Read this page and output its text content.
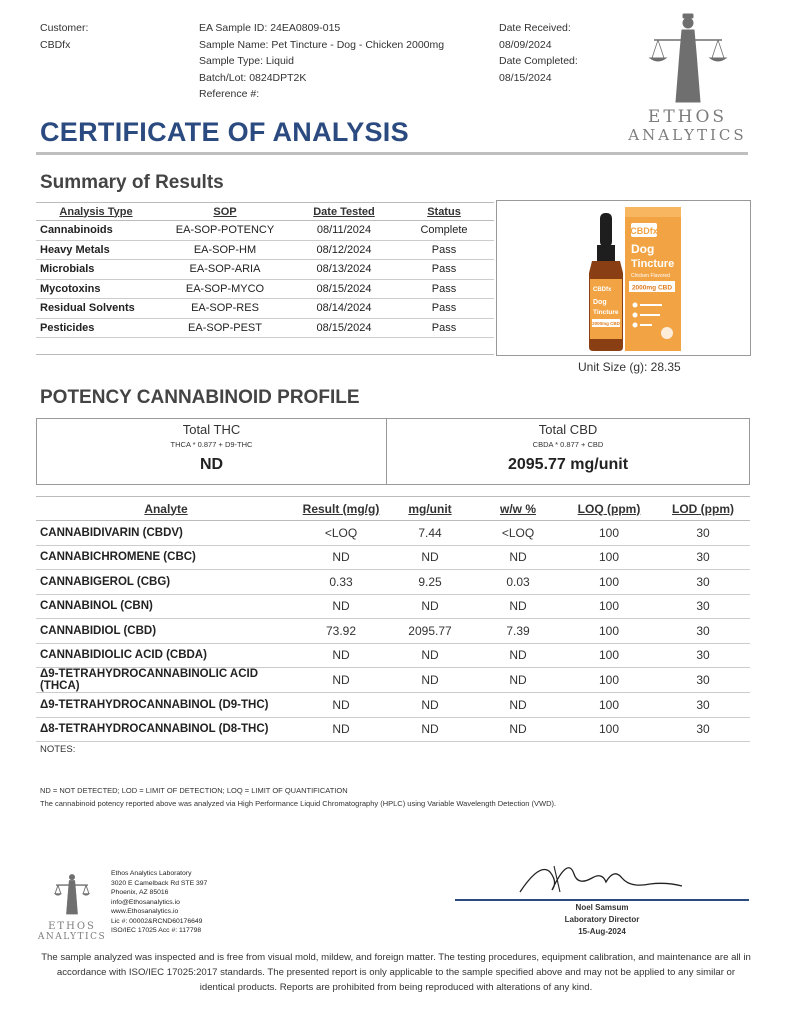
Customer:
CBDfx
EA Sample ID: 24EA0809-015
Sample Name: Pet Tincture - Dog - Chicken 2000mg
Sample Type: Liquid
Batch/Lot: 0824DPT2K
Reference #:
Date Received:
08/09/2024
Date Completed:
08/15/2024
ETHOS
ANALYTICS
CERTIFICATE OF ANALYSIS
Summary of Results
Analysis Type	SOP	Date Tested	Status
Cannabinoids	EA-SOP-POTENCY	08/11/2024	Complete
Heavy Metals	EA-SOP-HM	08/12/2024	Pass
Microbials	EA-SOP-ARIA	08/13/2024	Pass
Mycotoxins	EA-SOP-MYCO	08/15/2024	Pass
Residual Solvents	EA-SOP-RES	08/14/2024	Pass
Pesticides	EA-SOP-PEST	08/15/2024	Pass
CBDfx
Dog
Tincture
Chicken Flavored
2000mg CBD
CBDfx
Dog
Tincture
2000mg CBD
Unit Size (g): 28.35
POTENCY CANNABINOID PROFILE
Total THC
THCA * 0.877 + D9-THC
ND
Total CBD
CBDA * 0.877 + CBD
2095.77 mg/unit
Analyte	Result (mg/g)	mg/unit	w/w %	LOQ (ppm)	LOD (ppm)
CANNABIDIVARIN (CBDV)	<LOQ	7.44	<LOQ	100	30
CANNABICHROMENE (CBC)	ND	ND	ND	100	30
CANNABIGEROL (CBG)	0.33	9.25	0.03	100	30
CANNABINOL (CBN)	ND	ND	ND	100	30
CANNABIDIOL (CBD)	73.92	2095.77	7.39	100	30
CANNABIDIOLIC ACID (CBDA)	ND	ND	ND	100	30
Δ9-TETRAHYDROCANNABINOLIC ACID (THCA)	ND	ND	ND	100	30
Δ9-TETRAHYDROCANNABINOL (D9-THC)	ND	ND	ND	100	30
Δ8-TETRAHYDROCANNABINOL (D8-THC)	ND	ND	ND	100	30
NOTES:
ND = NOT DETECTED; LOD = LIMIT OF DETECTION; LOQ = LIMIT OF QUANTIFICATION
The cannabinoid potency reported above was analyzed via High Performance Liquid Chromatography (HPLC) using Variable Wavelength Detection (VWD).
ETHOS
ANALYTICS
Ethos Analytics Laboratory
3020 E Camelback Rd STE 397
Phoenix, AZ 85016
info@Ethosanalytics.io
www.Ethosanalytics.io
Lic #: 00002&RCND60176649
ISO/IEC 17025 Acc #: 117798
Noel Samsum
Laboratory Director
15-Aug-2024
The sample analyzed was inspected and is free from visual mold, mildew, and foreign matter. The testing procedures, equipment calibration, and maintenance are all in accordance with ISO/IEC 17025:2017 standards. The presented report is only applicable to the sample specified above and may not be applied to any similar or identical products. Reports are prohibited from being reproduced with alterations of any kind.
